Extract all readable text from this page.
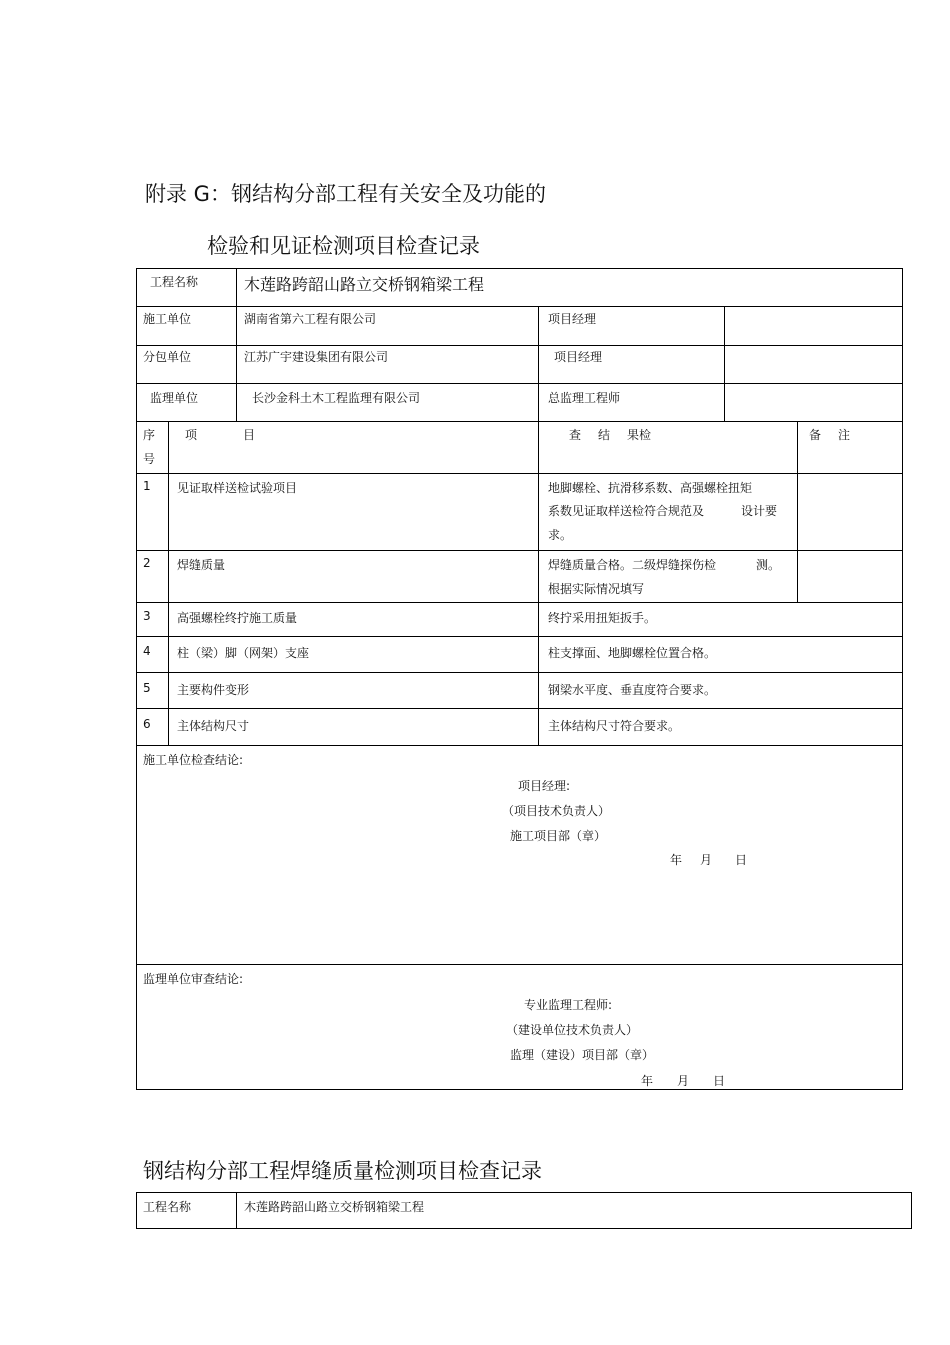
附录 G：钢结构分部工程有关安全及功能的
检验和见证检测项目检查记录
工程名称	木莲路跨韶山路立交桥钢箱梁工程
施工单位	湖南省第六工程有限公司	项目经理
分包单位	江苏广宇建设集团有限公司	项目经理
监理单位	长沙金科土木工程监理有限公司	总监理工程师
序
号
项	目	查 结 果检	备 注
1 见证取样送检试验项目	地脚螺栓、抗滑移系数、高强螺栓扭矩
系数见证取样送检符合规范及	设计要
求。
2 焊缝质量	焊缝质量合格。二级焊缝探伤检	测。
根据实际情况填写
3 高强螺栓终拧施工质量	终拧采用扭矩扳手。
4 柱（梁）脚（网架）支座	柱支撑面、地脚螺栓位置合格。
5 主要构件变形	钢梁水平度、垂直度符合要求。
6 主体结构尺寸	主体结构尺寸符合要求。
施工单位检查结论:
项目经理:
（项目技术负责人）
施工项目部（章）
年 月 日
监理单位审查结论:
专业监理工程师:
（建设单位技术负责人）
监理（建设）项目部（章）
年 月 日
钢结构分部工程焊缝质量检测项目检查记录
工程名称	木莲路跨韶山路立交桥钢箱梁工程
